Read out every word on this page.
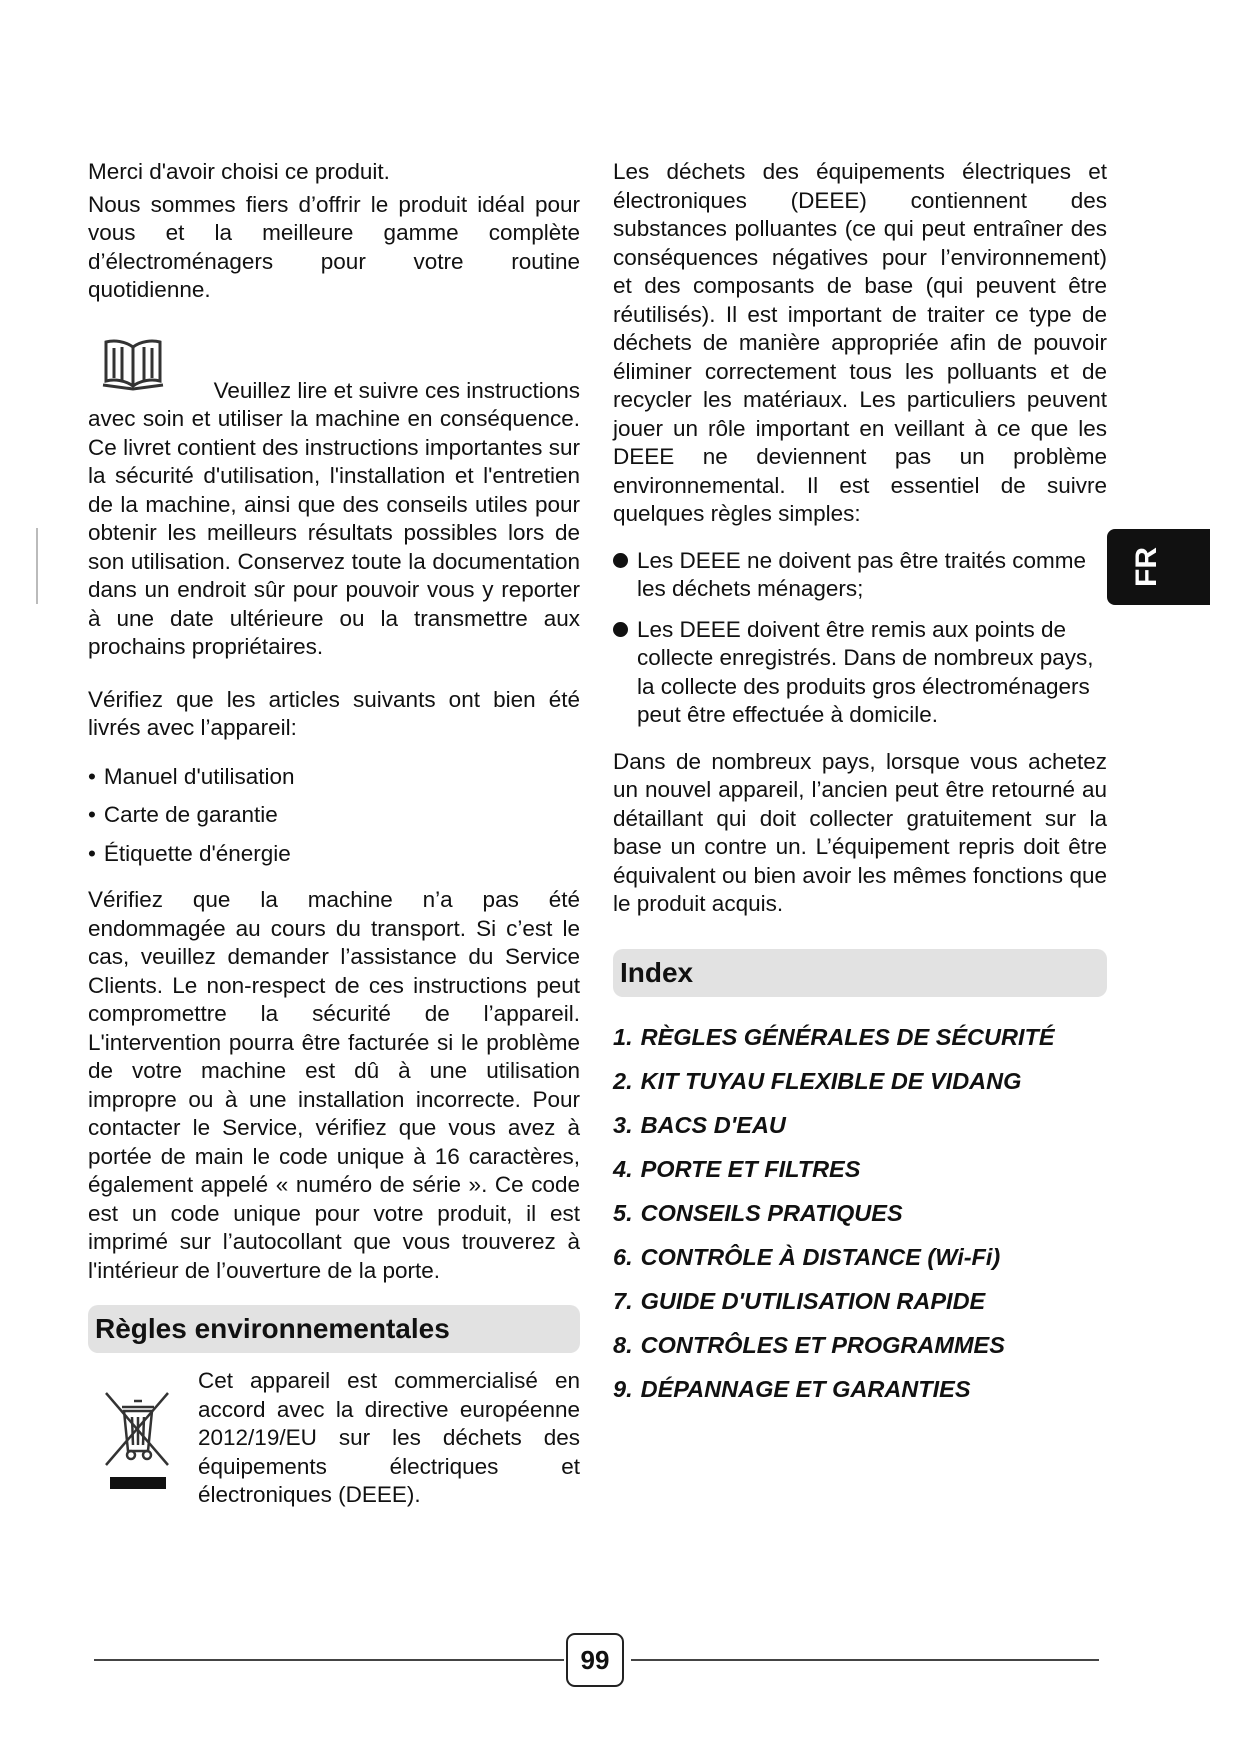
Merci d'avoir choisi ce produit.

Nous sommes fiers d’offrir le produit idéal pour vous et la meilleure gamme complète d’électroménagers pour votre routine quotidienne.

Veuillez lire et suivre ces instructions
avec soin et utiliser la machine en conséquence. Ce livret contient des instructions importantes sur la sécurité d'utilisation, l'installation et l'entretien de la machine, ainsi que des conseils utiles pour obtenir les meilleurs résultats possibles lors de son utilisation. Conservez toute la documentation dans un endroit sûr pour pouvoir vous y reporter à une date ultérieure ou la transmettre aux prochains propriétaires.

Vérifiez que les articles suivants ont bien été livrés avec l’appareil:

• Manuel d'utilisation
• Carte de garantie
• Étiquette d'énergie

Vérifiez que la machine n’a pas été endommagée au cours du transport. Si c’est le cas, veuillez demander l’assistance du Service Clients. Le non-respect de ces instructions peut compromettre la sécurité de l’appareil. L'intervention pourra être facturée si le problème de votre machine est dû à une utilisation impropre ou à une installation incorrecte. Pour contacter le Service, vérifiez que vous avez à portée de main le code unique à 16 caractères, également appelé « numéro de série ». Ce code est un code unique pour votre produit, il est imprimé sur l’autocollant que vous trouverez à l'intérieur de l’ouverture de la porte.

Règles environnementales

Cet appareil est commercialisé en accord avec la directive européenne 2012/19/EU sur les déchets des équipements électriques et électroniques (DEEE).

Les déchets des équipements électriques et électroniques (DEEE) contiennent des substances polluantes (ce qui peut entraîner des conséquences négatives pour l’environnement) et des composants de base (qui peuvent être réutilisés). Il est important de traiter ce type de déchets de manière appropriée afin de pouvoir éliminer correctement tous les polluants et de recycler les matériaux. Les particuliers peuvent jouer un rôle important en veillant à ce que les DEEE ne deviennent pas un problème environnemental. Il est essentiel de suivre quelques règles simples:

Les DEEE ne doivent pas être traités comme les déchets ménagers;
Les DEEE doivent être remis aux points de collecte enregistrés. Dans de nombreux pays, la collecte des produits gros électroménagers peut être effectuée à domicile.

Dans de nombreux pays, lorsque vous achetez un nouvel appareil, l’ancien peut être retourné au détaillant qui doit collecter gratuitement sur la base un contre un. L’équipement repris doit être équivalent ou bien avoir les mêmes fonctions que le produit acquis.

Index
1. RÈGLES GÉNÉRALES DE SÉCURITÉ
2. KIT TUYAU FLEXIBLE DE VIDANG
3. BACS D'EAU
4. PORTE ET FILTRES
5. CONSEILS PRATIQUES
6. CONTRÔLE À DISTANCE (Wi-Fi)
7. GUIDE D'UTILISATION RAPIDE
8. CONTRÔLES ET PROGRAMMES
9. DÉPANNAGE ET GARANTIES
FR
99
